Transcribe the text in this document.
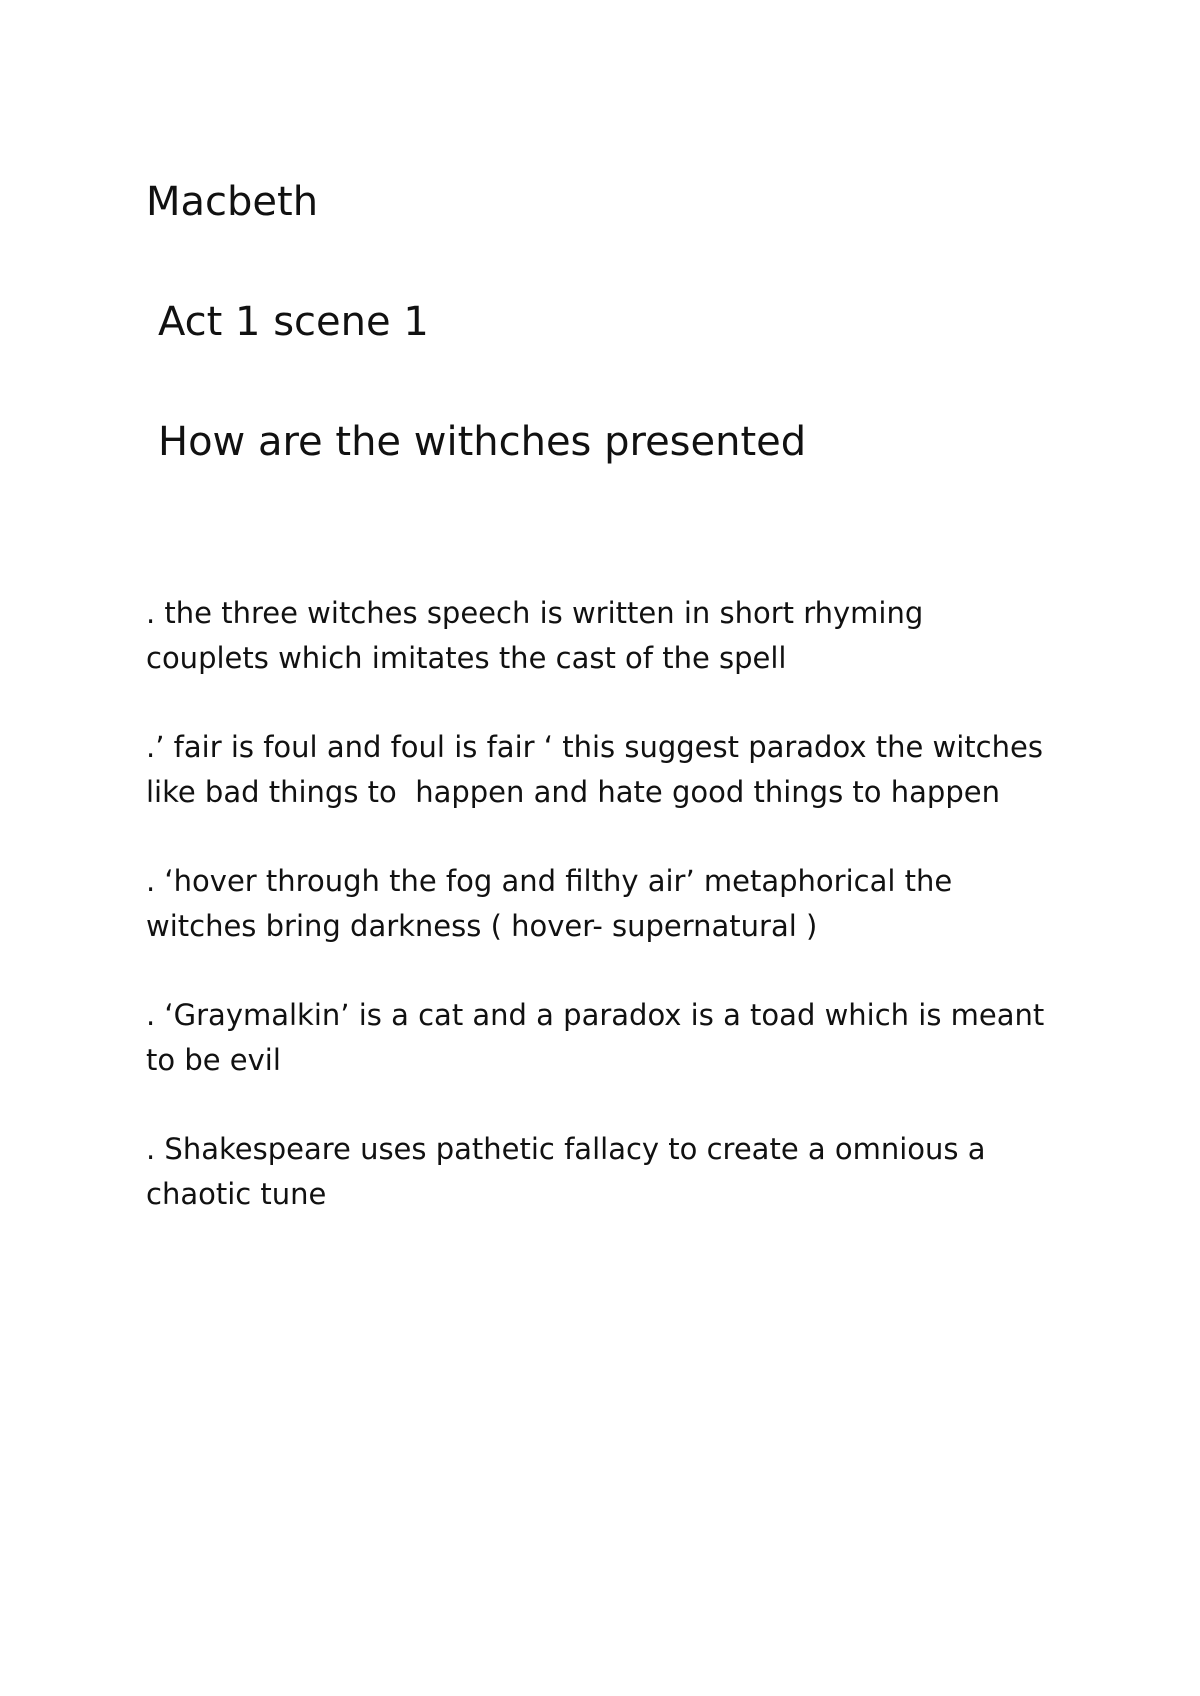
Macbeth
Act 1 scene 1
How are the withches presented
. the three witches speech is written in short rhyming
couplets which imitates the cast of the spell
.’ fair is foul and foul is fair ‘ this suggest paradox the witches
like bad things to  happen and hate good things to happen
. ‘hover through the fog and filthy air’ metaphorical the
witches bring darkness ( hover- supernatural )
. ‘Graymalkin’ is a cat and a paradox is a toad which is meant
to be evil
. Shakespeare uses pathetic fallacy to create a omnious a
chaotic tune
